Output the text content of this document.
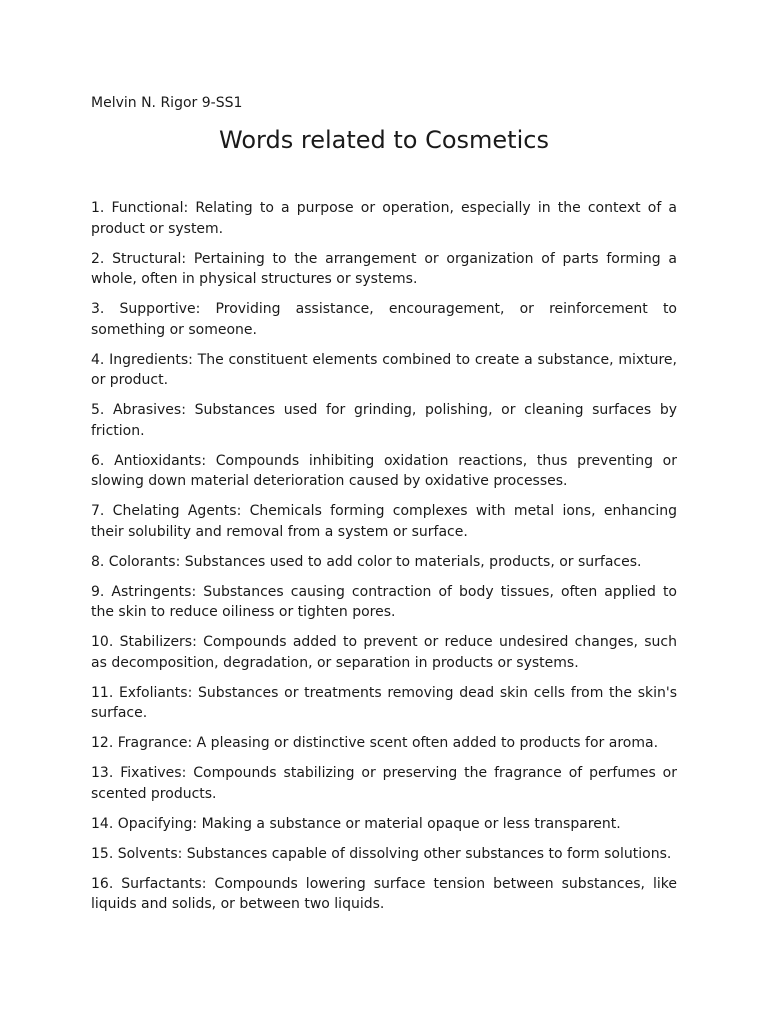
Melvin N. Rigor 9-SS1
Words related to Cosmetics
1. Functional: Relating to a purpose or operation, especially in the context of a product or system.
2. Structural: Pertaining to the arrangement or organization of parts forming a whole, often in physical structures or systems.
3. Supportive: Providing assistance, encouragement, or reinforcement to something or someone.
4. Ingredients: The constituent elements combined to create a substance, mixture, or product.
5. Abrasives: Substances used for grinding, polishing, or cleaning surfaces by friction.
6. Antioxidants: Compounds inhibiting oxidation reactions, thus preventing or slowing down material deterioration caused by oxidative processes.
7. Chelating Agents: Chemicals forming complexes with metal ions, enhancing their solubility and removal from a system or surface.
8. Colorants: Substances used to add color to materials, products, or surfaces.
9. Astringents: Substances causing contraction of body tissues, often applied to the skin to reduce oiliness or tighten pores.
10. Stabilizers: Compounds added to prevent or reduce undesired changes, such as decomposition, degradation, or separation in products or systems.
11. Exfoliants: Substances or treatments removing dead skin cells from the skin's surface.
12. Fragrance: A pleasing or distinctive scent often added to products for aroma.
13. Fixatives: Compounds stabilizing or preserving the fragrance of perfumes or scented products.
14. Opacifying: Making a substance or material opaque or less transparent.
15. Solvents: Substances capable of dissolving other substances to form solutions.
16. Surfactants: Compounds lowering surface tension between substances, like liquids and solids, or between two liquids.
